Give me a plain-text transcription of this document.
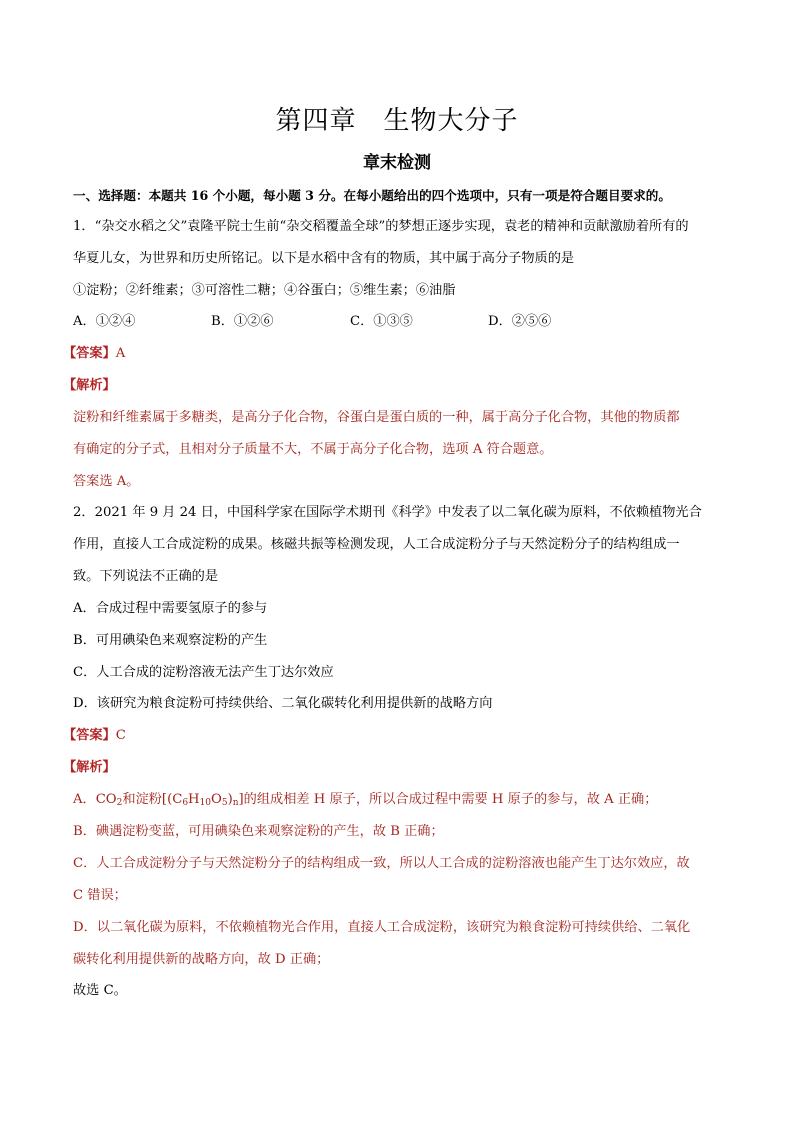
第四章　生物大分子
章末检测
一、选择题：本题共 16 个小题，每小题 3 分。在每小题给出的四个选项中，只有一项是符合题目要求的。
1．“杂交水稻之父”袁隆平院士生前“杂交稻覆盖全球”的梦想正逐步实现，袁老的精神和贡献激励着所有的
华夏儿女，为世界和历史所铭记。以下是水稻中含有的物质，其中属于高分子物质的是
①淀粉；②纤维素；③可溶性二糖；④谷蛋白；⑤维生素；⑥油脂
A．①②④	B．①②⑥	C．①③⑤	D．②⑤⑥
【答案】A
【解析】
淀粉和纤维素属于多糖类，是高分子化合物，谷蛋白是蛋白质的一种，属于高分子化合物，其他的物质都
有确定的分子式，且相对分子质量不大，不属于高分子化合物，选项 A 符合题意。
答案选 A。
2．2021 年 9 月 24 日，中国科学家在国际学术期刊《科学》中发表了以二氧化碳为原料，不依赖植物光合
作用，直接人工合成淀粉的成果。核磁共振等检测发现，人工合成淀粉分子与天然淀粉分子的结构组成一
致。下列说法不正确的是
A．合成过程中需要氢原子的参与
B．可用碘染色来观察淀粉的产生
C．人工合成的淀粉溶液无法产生丁达尔效应
D．该研究为粮食淀粉可持续供给、二氧化碳转化利用提供新的战略方向
【答案】C
【解析】
A．$CO_2$和淀粉$[(C_6H_{10}O_5)_n]$的组成相差 H 原子，所以合成过程中需要 H 原子的参与，故 A 正确；
B．碘遇淀粉变蓝，可用碘染色来观察淀粉的产生，故 B 正确；
C．人工合成淀粉分子与天然淀粉分子的结构组成一致，所以人工合成的淀粉溶液也能产生丁达尔效应，故
C 错误；
D．以二氧化碳为原料，不依赖植物光合作用，直接人工合成淀粉，该研究为粮食淀粉可持续供给、二氧化
碳转化利用提供新的战略方向，故 D 正确；
故选 C。
